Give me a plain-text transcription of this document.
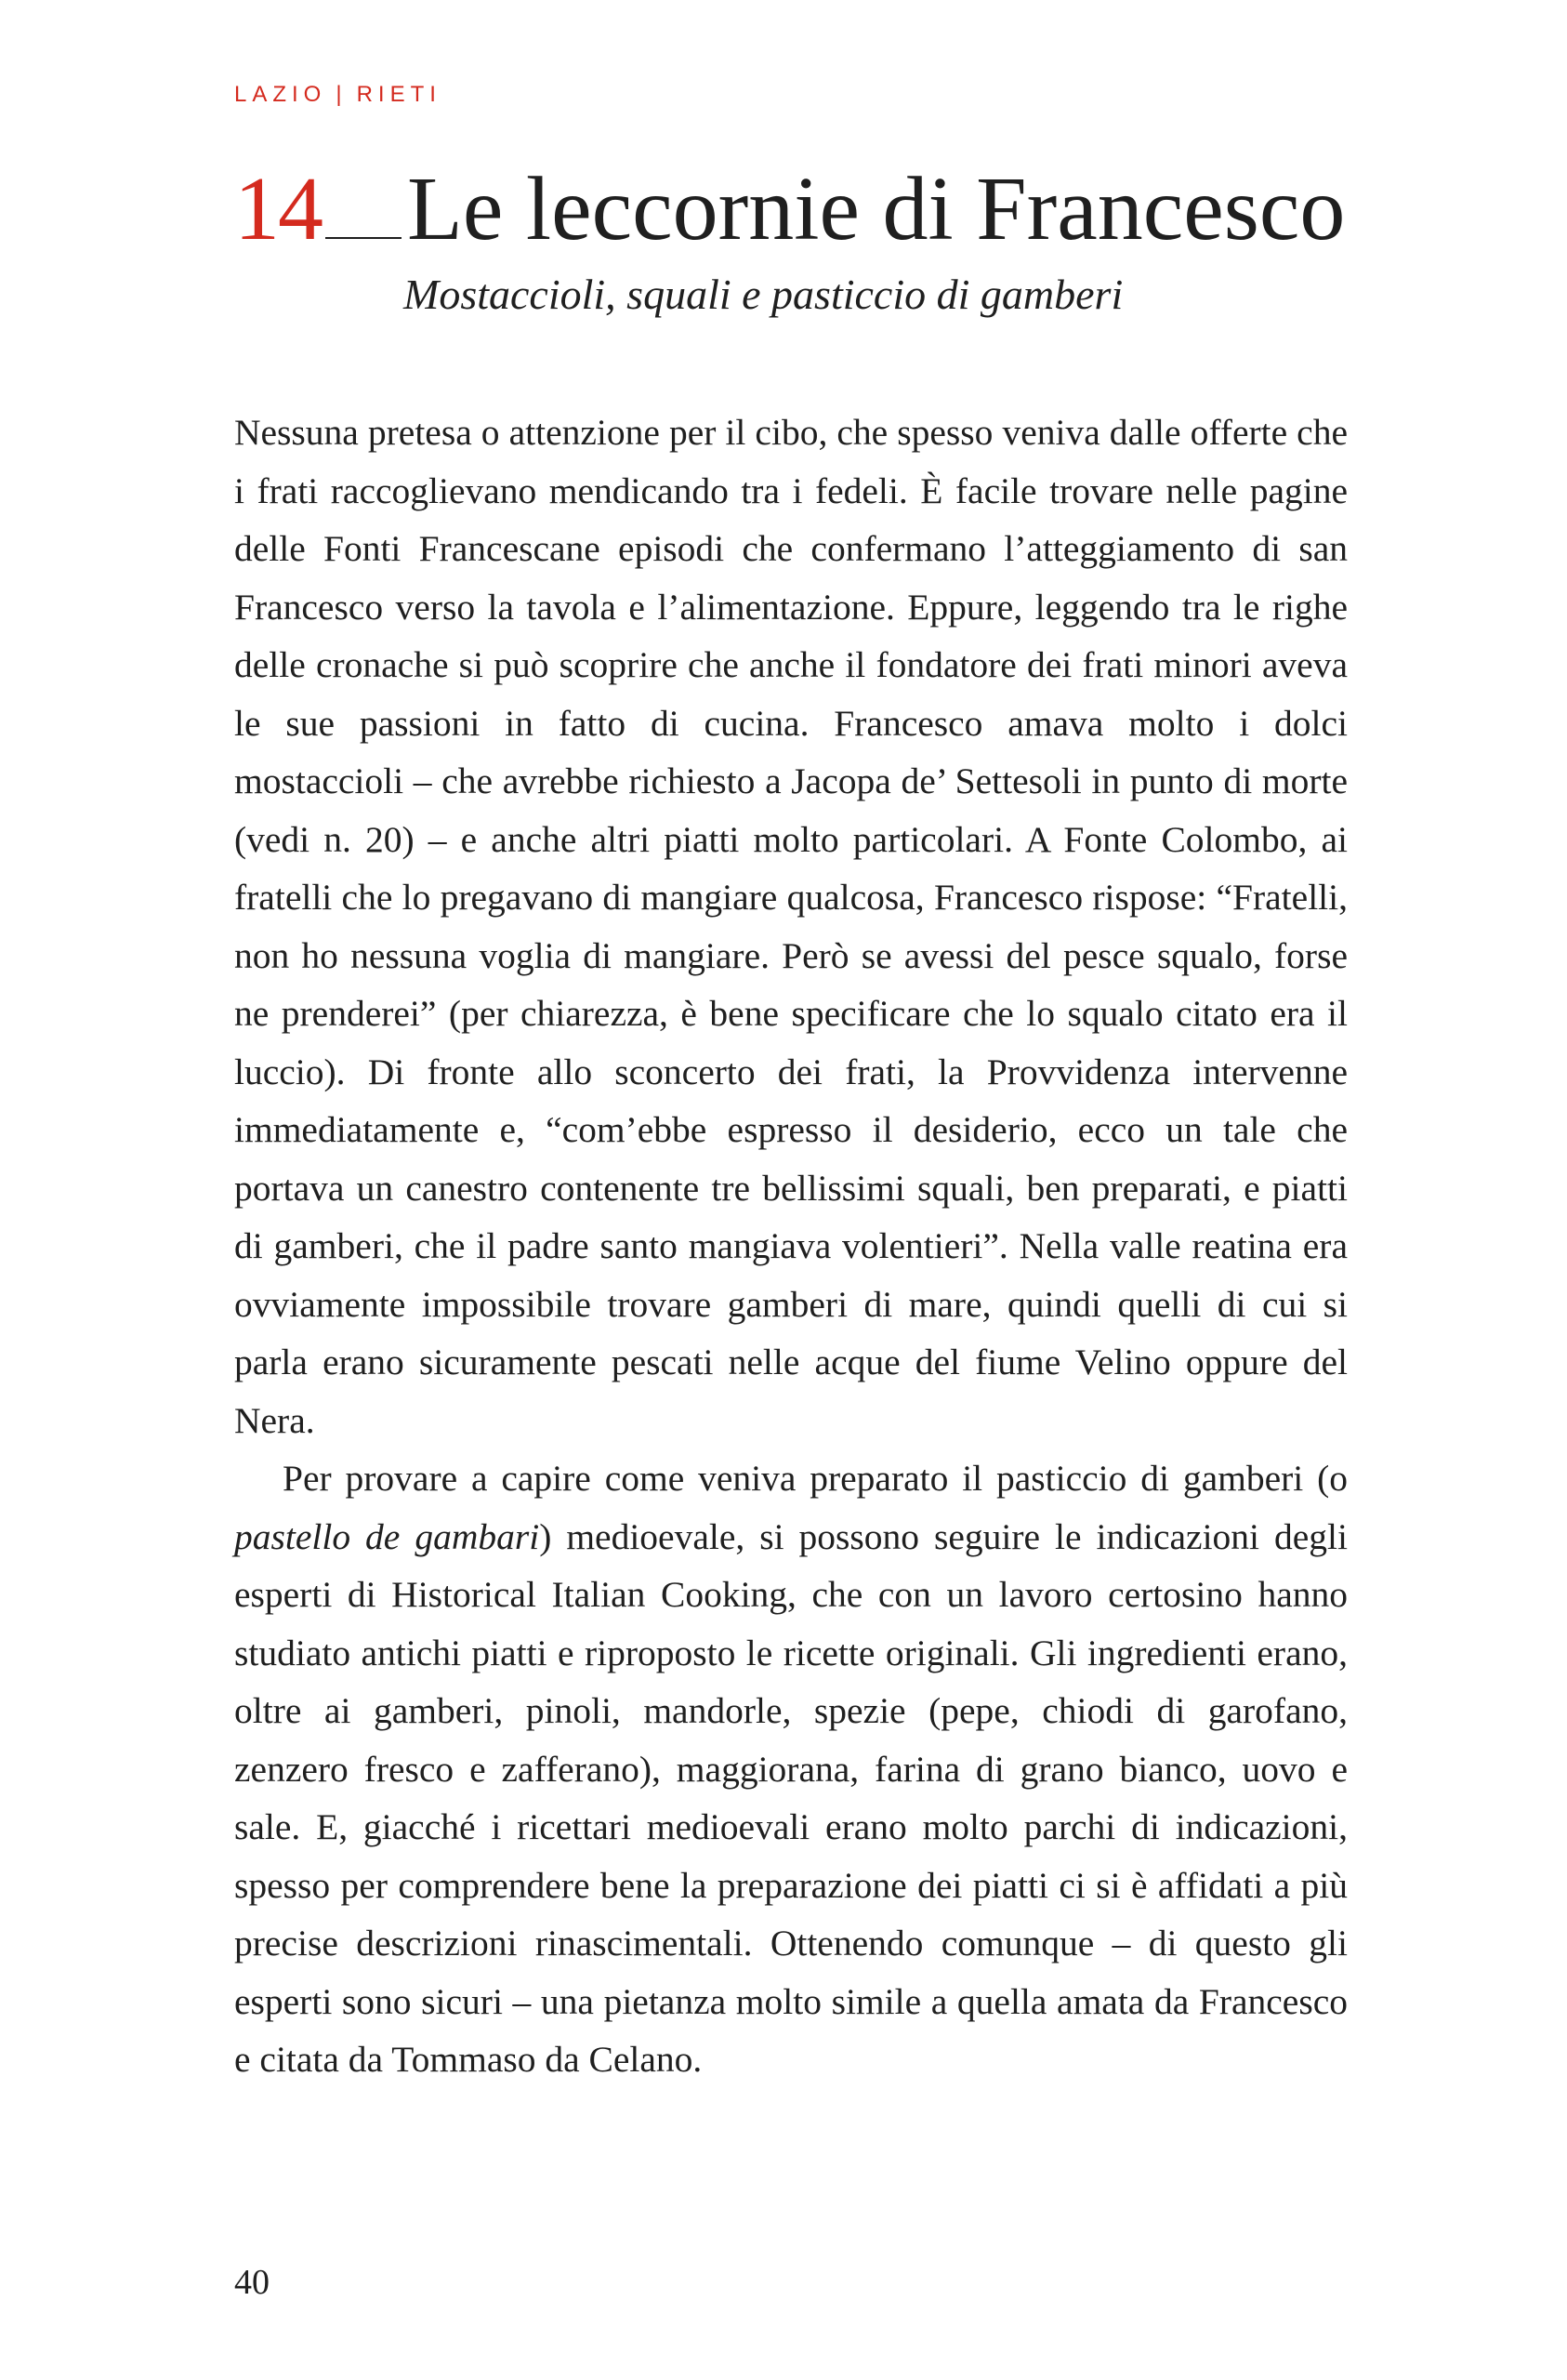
LAZIO | RIETI
14 Le leccornie di Francesco
Mostaccioli, squali e pasticcio di gamberi

Nessuna pretesa o attenzione per il cibo, che spesso veniva dalle offerte che i frati raccoglievano mendicando tra i fedeli. È facile trovare nelle pagine delle Fonti Francescane episodi che confermano l’atteggiamento di san Francesco verso la tavola e l’alimentazione. Eppure, leggendo tra le righe delle cronache si può scoprire che anche il fondatore dei frati minori aveva le sue passioni in fatto di cucina. Francesco amava molto i dolci mostaccioli – che avrebbe richiesto a Jacopa de’ Settesoli in punto di morte (vedi n. 20) – e anche altri piatti molto particolari. A Fonte Colombo, ai fratelli che lo pregavano di mangiare qualcosa, Francesco rispose: “Fratelli, non ho nessuna voglia di mangiare. Però se avessi del pesce squalo, forse ne prenderei” (per chiarezza, è bene specificare che lo squalo citato era il luccio). Di fronte allo sconcerto dei frati, la Provvidenza intervenne immediatamente e, “com’ebbe espresso il desiderio, ecco un tale che portava un canestro contenente tre bellissimi squali, ben preparati, e piatti di gamberi, che il padre santo mangiava volentieri”. Nella valle reatina era ovviamente impossibile trovare gamberi di mare, quindi quelli di cui si parla erano sicuramente pescati nelle acque del fiume Velino oppure del Nera.

Per provare a capire come veniva preparato il pasticcio di gamberi (o pastello de gambari) medioevale, si possono seguire le indicazioni degli esperti di Historical Italian Cooking, che con un lavoro certosino hanno studiato antichi piatti e riproposto le ricette originali. Gli ingredienti erano, oltre ai gamberi, pinoli, mandorle, spezie (pepe, chiodi di garofano, zenzero fresco e zafferano), maggiorana, farina di grano bianco, uovo e sale. E, giacché i ricettari medioevali erano molto parchi di indicazioni, spesso per comprendere bene la preparazione dei piatti ci si è affidati a più precise descrizioni rinascimentali. Ottenendo comunque – di questo gli esperti sono sicuri – una pietanza molto simile a quella amata da Francesco e citata da Tommaso da Celano.

40
